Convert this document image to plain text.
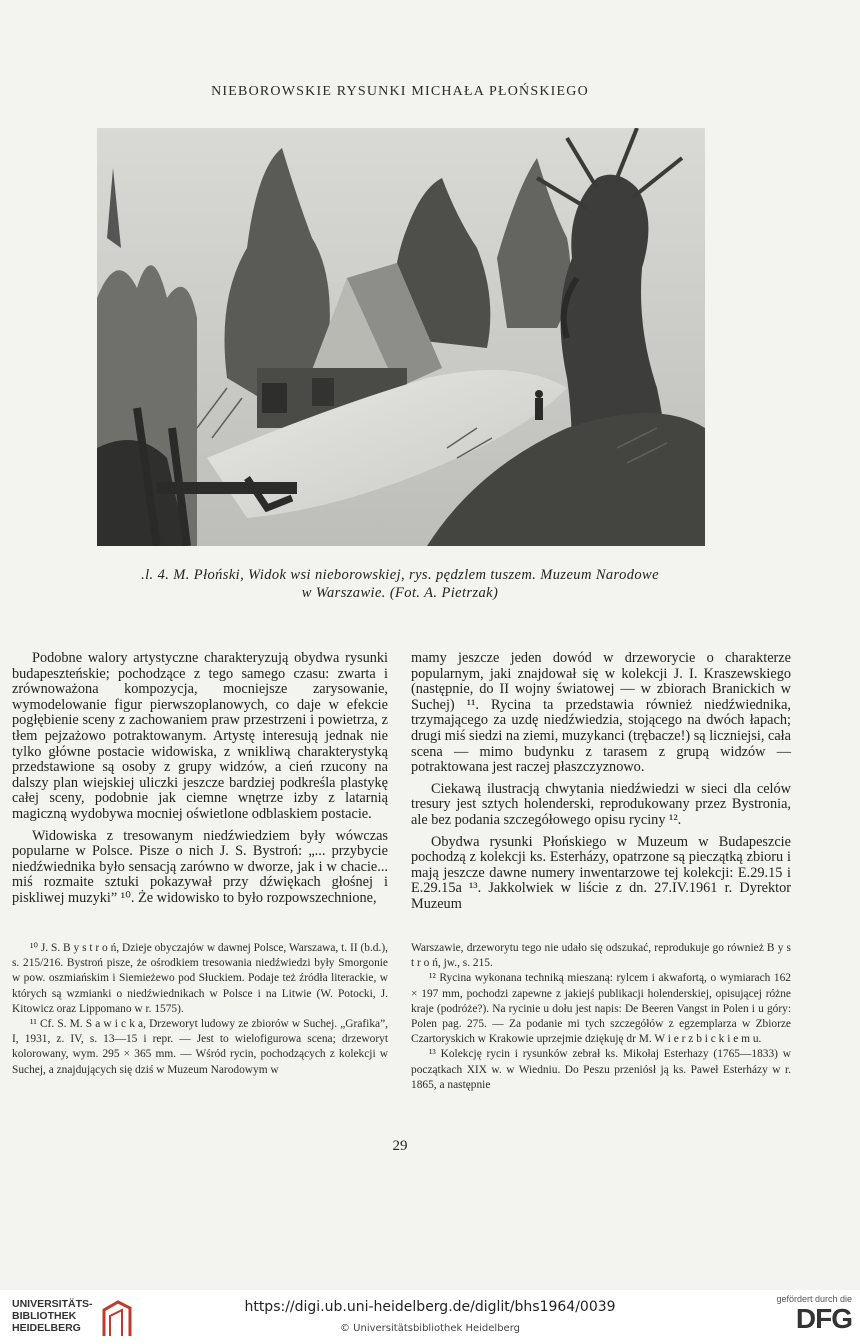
NIEBOROWSKIE RYSUNKI MICHAŁA PŁOŃSKIEGO
.l. 4. M. Płoński, Widok wsi nieborowskiej, rys. pędzlem tuszem. Muzeum Narodowe
w Warszawie. (Fot. A. Pietrzak)

Podobne walory artystyczne charakteryzują obydwa rysunki budapeszteńskie; pochodzące z tego samego czasu: zwarta i zrównoważona kompozycja, mocniejsze zarysowanie, wymodelowanie figur pierwszoplanowych, co daje w efekcie pogłębienie sceny z zachowaniem praw przestrzeni i powietrza, z tłem pejzażowo potraktowanym. Artystę interesują jednak nie tylko główne postacie widowiska, z wnikliwą charakterystyką przedstawione są osoby z grupy widzów, a cień rzucony na dalszy plan wiejskiej uliczki jeszcze bardziej podkreśla plastykę całej sceny, podobnie jak ciemne wnętrze izby z latarnią magiczną wydobywa mocniej oświetlone odblaskiem postacie.

Widowiska z tresowanym niedźwiedziem były wówczas popularne w Polsce. Pisze o nich J. S. Bystroń: „... przybycie niedźwiednika było sensacją zarówno w dworze, jak i w chacie... miś rozmaite sztuki pokazywał przy dźwiękach głośnej i piskliwej muzyki” ¹⁰. Że widowisko to było rozpowszechnione,

mamy jeszcze jeden dowód w drzeworycie o charakterze popularnym, jaki znajdował się w kolekcji J. I. Kraszewskiego (następnie, do II wojny światowej — w zbiorach Branickich w Suchej) ¹¹. Rycina ta przedstawia również niedźwiednika, trzymającego za uzdę niedźwiedzia, stojącego na dwóch łapach; drugi miś siedzi na ziemi, muzykanci (trębacze!) są liczniejsi, cała scena — mimo budynku z tarasem z grupą widzów — potraktowana jest raczej płaszczyznowo.

Ciekawą ilustracją chwytania niedźwiedzi w sieci dla celów tresury jest sztych holenderski, reprodukowany przez Bystronia, ale bez podania szczegółowego opisu ryciny ¹².

Obydwa rysunki Płońskiego w Muzeum w Budapeszcie pochodzą z kolekcji ks. Esterházy, opatrzone są pieczątką zbioru i mają jeszcze dawne numery inwentarzowe tej kolekcji: E.29.15 i E.29.15a ¹³. Jakkolwiek w liście z dn. 27.IV.1961 r. Dyrektor Muzeum

¹⁰ J. S. B y s t r o ń, Dzieje obyczajów w dawnej Polsce, Warszawa, t. II (b.d.), s. 215/216. Bystroń pisze, że ośrodkiem tresowania niedźwiedzi były Smorgonie w pow. oszmiańskim i Siemieżewo pod Słuckiem. Podaje też źródła literackie, w których są wzmianki o niedźwiednikach w Polsce i na Litwie (W. Potocki, J. Kitowicz oraz Lippomano w r. 1575).

¹¹ Cf. S. M. S a w i c k a, Drzeworyt ludowy ze zbiorów w Suchej. „Grafika”, I, 1931, z. IV, s. 13—15 i repr. — Jest to wielofigurowa scena; drzeworyt kolorowany, wym. 295 × 365 mm. — Wśród rycin, pochodzących z kolekcji w Suchej, a znajdujących się dziś w Muzeum Narodowym w

Warszawie, drzeworytu tego nie udało się odszukać, reprodukuje go również B y s t r o ń, jw., s. 215.

¹² Rycina wykonana techniką mieszaną: rylcem i akwafortą, o wymiarach 162 × 197 mm, pochodzi zapewne z jakiejś publikacji holenderskiej, opisującej różne kraje (podróże?). Na rycinie u dołu jest napis: De Beeren Vangst in Polen i u góry: Polen pag. 275. — Za podanie mi tych szczegółów z egzemplarza w Zbiorze Czartoryskich w Krakowie uprzejmie dziękuję dr M. W i e r z b i c k i e m u.

¹³ Kolekcję rycin i rysunków zebrał ks. Mikołaj Esterhazy (1765—1833) w początkach XIX w. w Wiedniu. Do Peszu przeniósł ją ks. Paweł Esterházy w r. 1865, a następnie

29
UNIVERSITÄTS-
BIBLIOTHEK
HEIDELBERG
https://digi.ub.uni-heidelberg.de/diglit/bhs1964/0039
© Universitätsbibliothek Heidelberg
gefördert durch die
DFG
